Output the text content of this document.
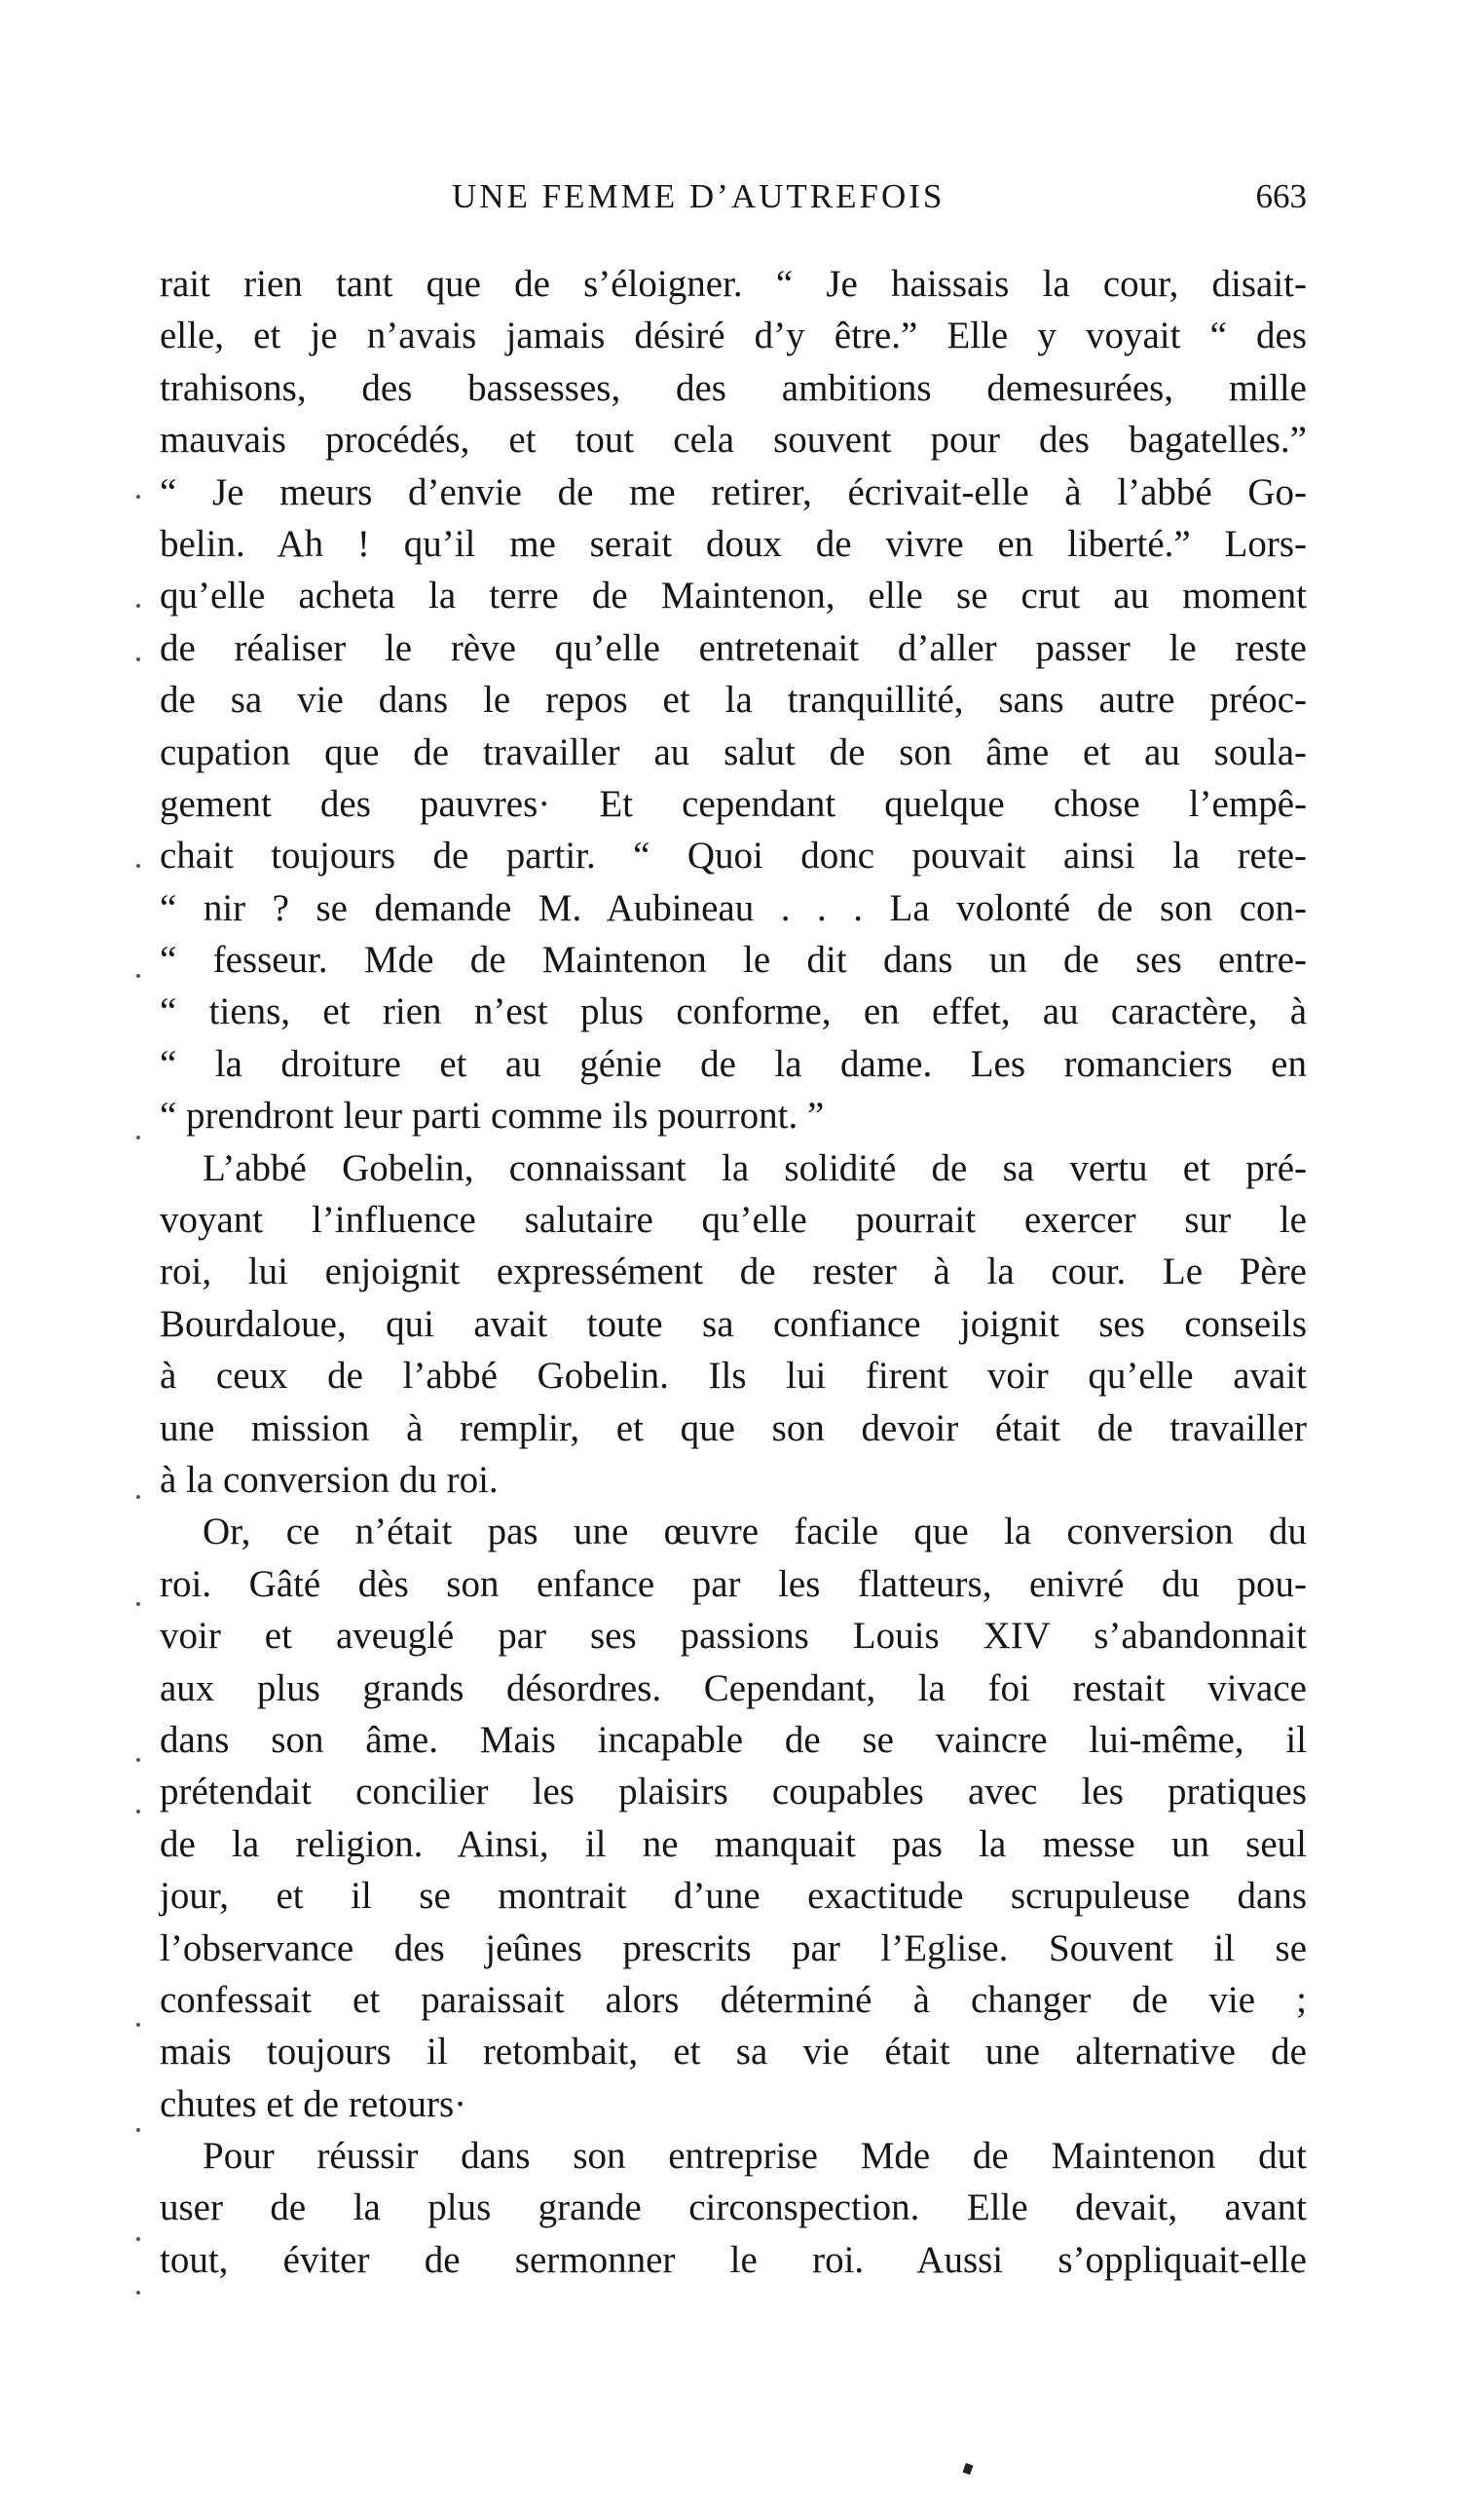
UNE FEMME D’AUTREFOIS	663
rait rien tant que de s’éloigner. “ Je haissais la cour, disait-
elle, et je n’avais jamais désiré d’y être.” Elle y voyait “ des
trahisons, des bassesses, des ambitions demesurées, mille
mauvais procédés, et tout cela souvent pour des bagatelles.”
“ Je meurs d’envie de me retirer, écrivait-elle à l’abbé Go-
belin. Ah ! qu’il me serait doux de vivre en liberté.” Lors-
qu’elle acheta la terre de Maintenon, elle se crut au moment
de réaliser le rève qu’elle entretenait d’aller passer le reste
de sa vie dans le repos et la tranquillité, sans autre préoc-
cupation que de travailler au salut de son âme et au soula-
gement des pauvres· Et cependant quelque chose l’empê-
chait toujours de partir. “ Quoi donc pouvait ainsi la rete-
“ nir ? se demande M. Aubineau . . . La volonté de son con-
“ fesseur. Mde de Maintenon le dit dans un de ses entre-
“ tiens, et rien n’est plus conforme, en effet, au caractère, à
“ la droiture et au génie de la dame. Les romanciers en
“ prendront leur parti comme ils pourront. ”
L’abbé Gobelin, connaissant la solidité de sa vertu et pré-
voyant l’influence salutaire qu’elle pourrait exercer sur le
roi, lui enjoignit expressément de rester à la cour. Le Père
Bourdaloue, qui avait toute sa confiance joignit ses conseils
à ceux de l’abbé Gobelin. Ils lui firent voir qu’elle avait
une mission à remplir, et que son devoir était de travailler
à la conversion du roi.
Or, ce n’était pas une œuvre facile que la conversion du
roi. Gâté dès son enfance par les flatteurs, enivré du pou-
voir et aveuglé par ses passions Louis XIV s’abandonnait
aux plus grands désordres. Cependant, la foi restait vivace
dans son âme. Mais incapable de se vaincre lui-même, il
prétendait concilier les plaisirs coupables avec les pratiques
de la religion. Ainsi, il ne manquait pas la messe un seul
jour, et il se montrait d’une exactitude scrupuleuse dans
l’observance des jeûnes prescrits par l’Eglise. Souvent il se
confessait et paraissait alors déterminé à changer de vie ;
mais toujours il retombait, et sa vie était une alternative de
chutes et de retours·
Pour réussir dans son entreprise Mde de Maintenon dut
user de la plus grande circonspection. Elle devait, avant
tout, éviter de sermonner le roi. Aussi s’oppliquait-elle
